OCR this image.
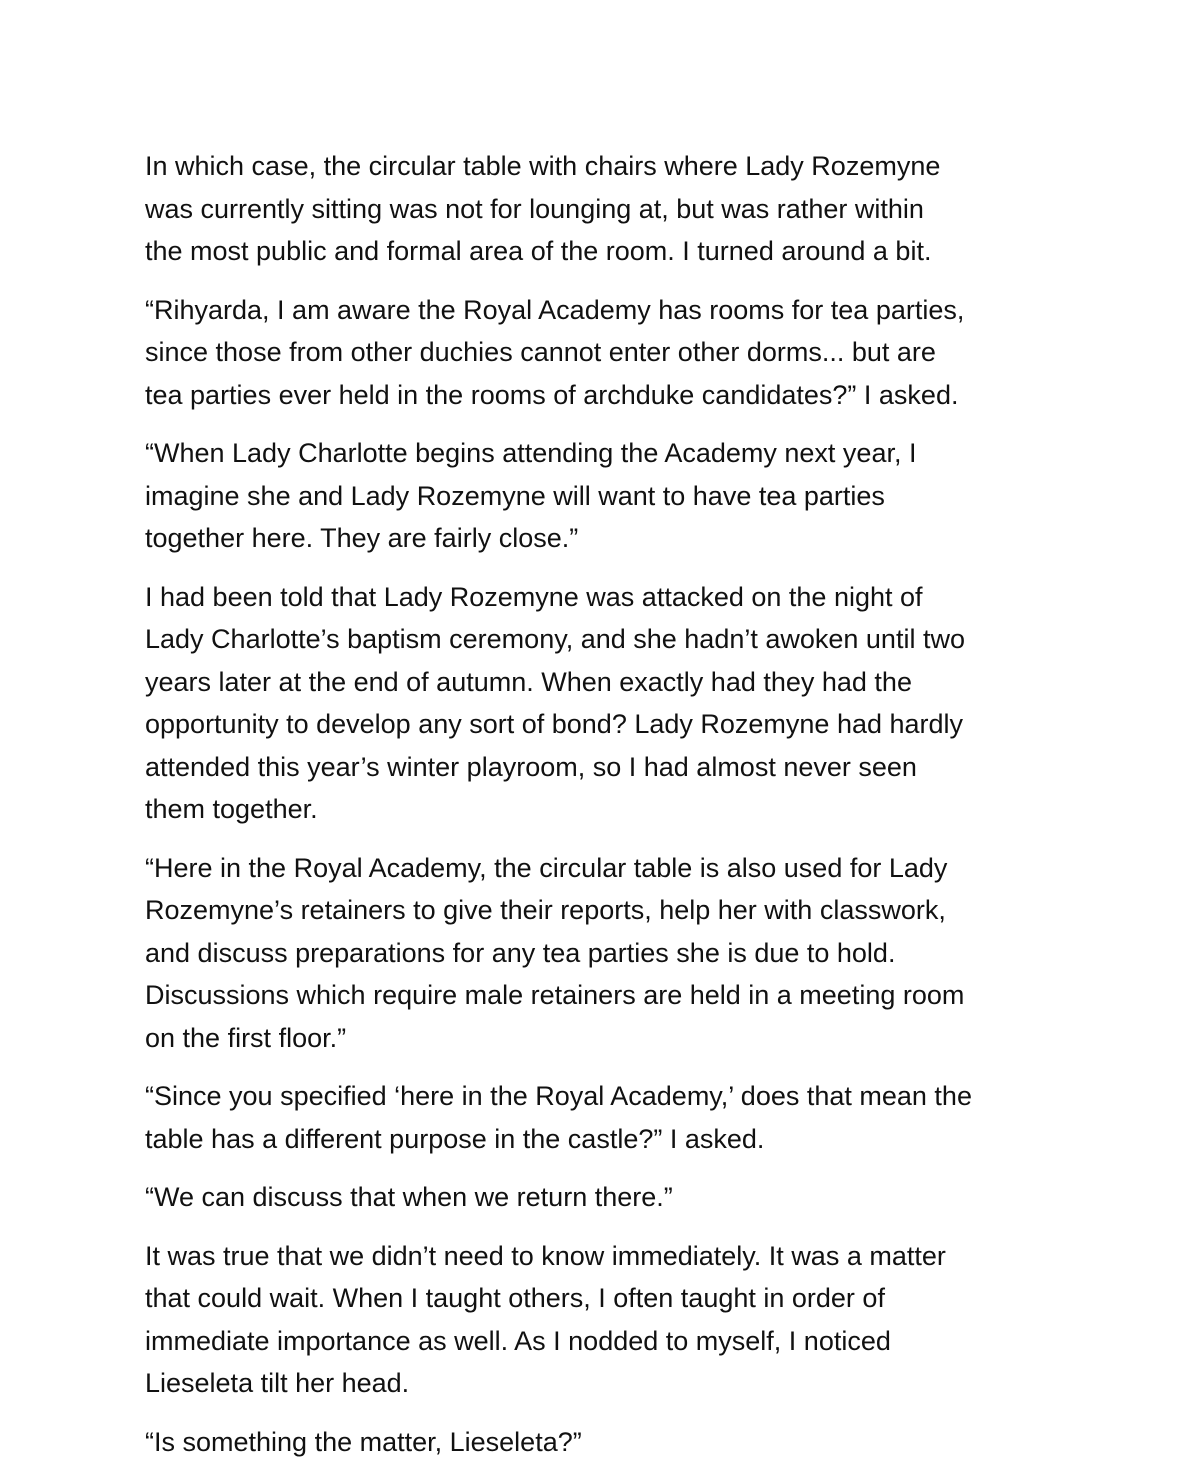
In which case, the circular table with chairs where Lady Rozemyne
was currently sitting was not for lounging at, but was rather within
the most public and formal area of the room. I turned around a bit.

“Rihyarda, I am aware the Royal Academy has rooms for tea parties,
since those from other duchies cannot enter other dorms... but are
tea parties ever held in the rooms of archduke candidates?” I asked.

“When Lady Charlotte begins attending the Academy next year, I
imagine she and Lady Rozemyne will want to have tea parties
together here. They are fairly close.”

I had been told that Lady Rozemyne was attacked on the night of
Lady Charlotte’s baptism ceremony, and she hadn’t awoken until two
years later at the end of autumn. When exactly had they had the
opportunity to develop any sort of bond? Lady Rozemyne had hardly
attended this year’s winter playroom, so I had almost never seen
them together.

“Here in the Royal Academy, the circular table is also used for Lady
Rozemyne’s retainers to give their reports, help her with classwork,
and discuss preparations for any tea parties she is due to hold.
Discussions which require male retainers are held in a meeting room
on the first floor.”

“Since you specified ‘here in the Royal Academy,’ does that mean the
table has a different purpose in the castle?” I asked.

“We can discuss that when we return there.”

It was true that we didn’t need to know immediately. It was a matter
that could wait. When I taught others, I often taught in order of
immediate importance as well. As I nodded to myself, I noticed
Lieseleta tilt her head.

“Is something the matter, Lieseleta?”
